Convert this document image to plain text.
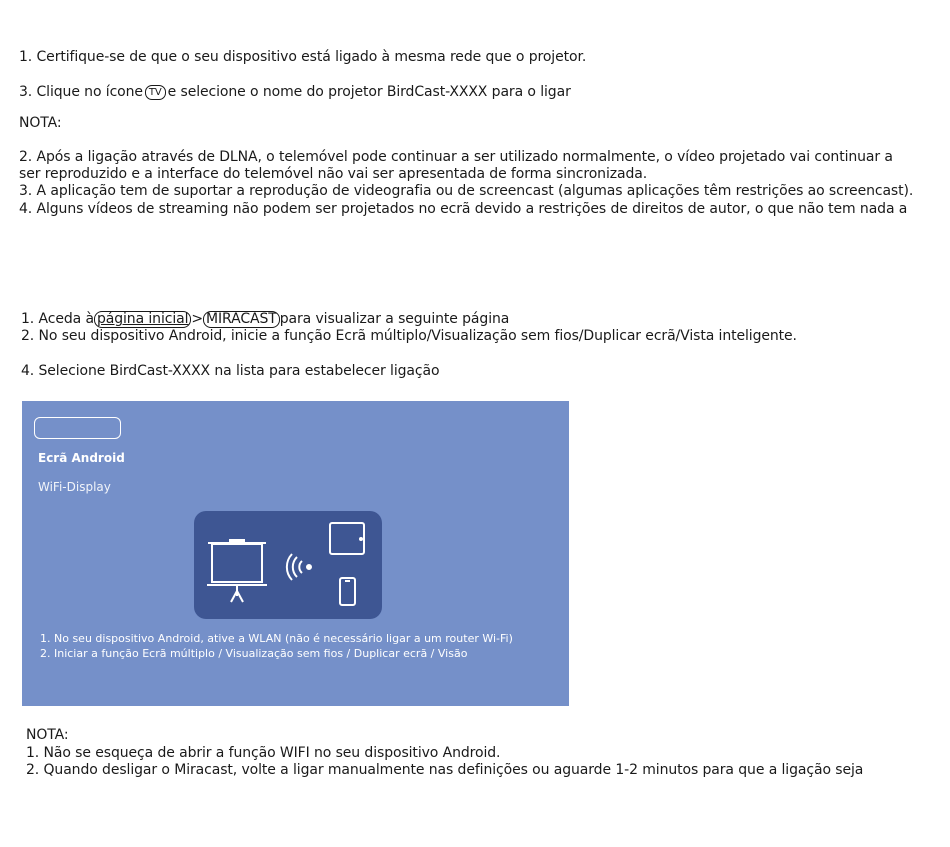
1. Certifique-se de que o seu dispositivo está ligado à mesma rede que o projetor.
3. Clique no ícone TV e selecione o nome do projetor BirdCast-XXXX para o ligar
NOTA:
2. Após a ligação através de DLNA, o telemóvel pode continuar a ser utilizado normalmente, o vídeo projetado vai continuar a
ser reproduzido e a interface do telemóvel não vai ser apresentada de forma sincronizada.
3. A aplicação tem de suportar a reprodução de videografia ou de screencast (algumas aplicações têm restrições ao screencast).
4. Alguns vídeos de streaming não podem ser projetados no ecrã devido a restrições de direitos de autor, o que não tem nada a
1. Aceda à página inicial > MIRACAST para visualizar a seguinte página
2. No seu dispositivo Android, inicie a função Ecrã múltiplo/Visualização sem fios/Duplicar ecrã/Vista inteligente.
4. Selecione BirdCast-XXXX na lista para estabelecer ligação
Ecrã Android
WiFi-Display
1. No seu dispositivo Android, ative a WLAN (não é necessário ligar a um router Wi-Fi)
2. Iniciar a função Ecrã múltiplo / Visualização sem fios / Duplicar ecrã / Visão
NOTA:
1. Não se esqueça de abrir a função WIFI no seu dispositivo Android.
2. Quando desligar o Miracast, volte a ligar manualmente nas definições ou aguarde 1-2 minutos para que a ligação seja
